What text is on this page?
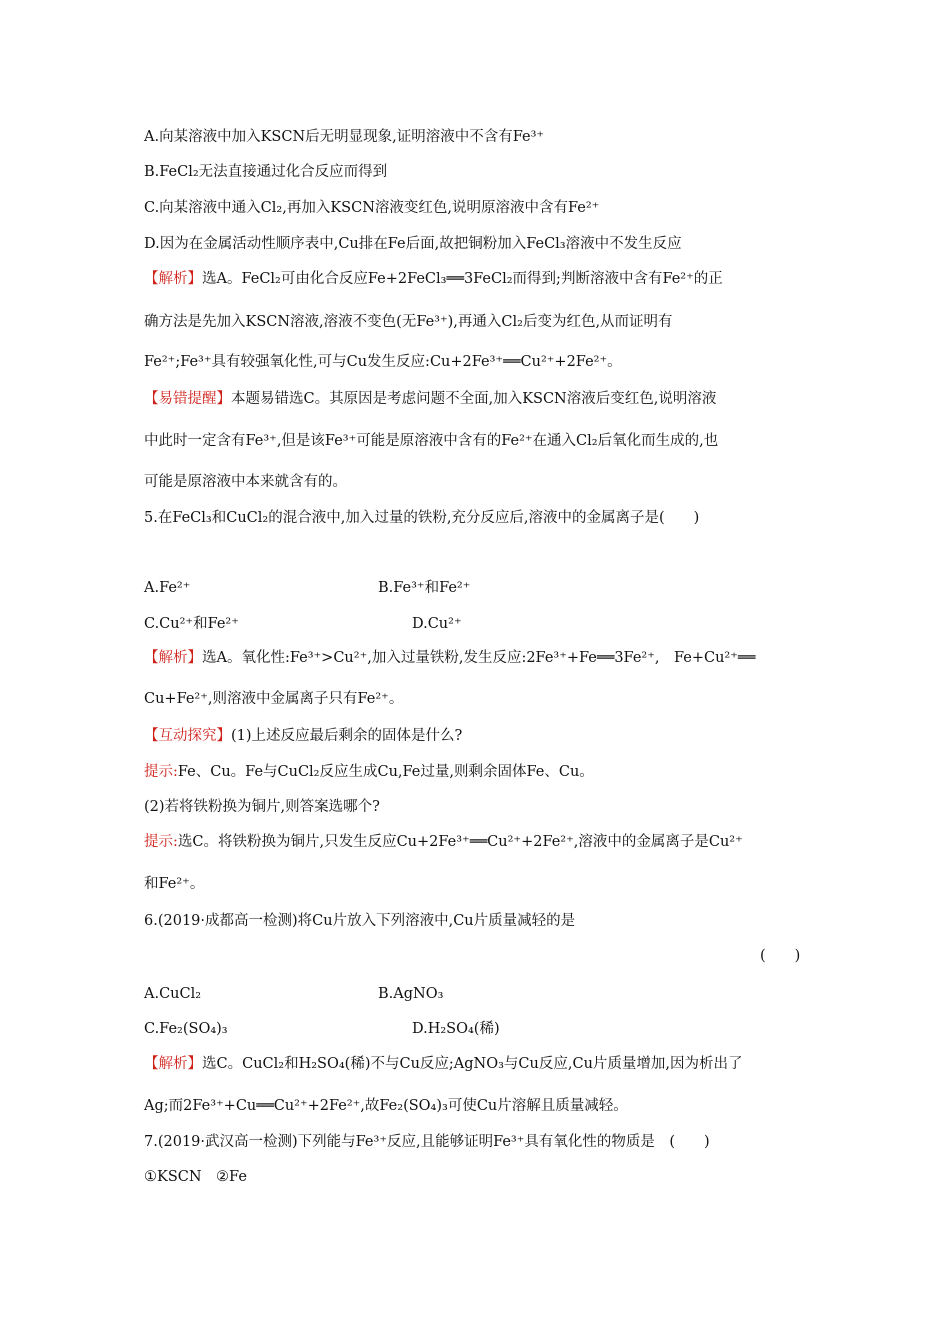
A.向某溶液中加入KSCN后无明显现象,证明溶液中不含有Fe³⁺
B.FeCl₂无法直接通过化合反应而得到
C.向某溶液中通入Cl₂,再加入KSCN溶液变红色,说明原溶液中含有Fe²⁺
D.因为在金属活动性顺序表中,Cu排在Fe后面,故把铜粉加入FeCl₃溶液中不发生反应
【解析】选A。FeCl₂可由化合反应Fe+2FeCl₃══3FeCl₂而得到;判断溶液中含有Fe²⁺的正
确方法是先加入KSCN溶液,溶液不变色(无Fe³⁺),再通入Cl₂后变为红色,从而证明有
Fe²⁺;Fe³⁺具有较强氧化性,可与Cu发生反应:Cu+2Fe³⁺══Cu²⁺+2Fe²⁺。
【易错提醒】本题易错选C。其原因是考虑问题不全面,加入KSCN溶液后变红色,说明溶液
中此时一定含有Fe³⁺,但是该Fe³⁺可能是原溶液中含有的Fe²⁺在通入Cl₂后氧化而生成的,也
可能是原溶液中本来就含有的。
5.在FeCl₃和CuCl₂的混合液中,加入过量的铁粉,充分反应后,溶液中的金属离子是(　　)
A.Fe²⁺	B.Fe³⁺和Fe²⁺
C.Cu²⁺和Fe²⁺	D.Cu²⁺
【解析】选A。氧化性:Fe³⁺>Cu²⁺,加入过量铁粉,发生反应:2Fe³⁺+Fe══3Fe²⁺,　Fe+Cu²⁺══
Cu+Fe²⁺,则溶液中金属离子只有Fe²⁺。
【互动探究】(1)上述反应最后剩余的固体是什么?
提示:Fe、Cu。Fe与CuCl₂反应生成Cu,Fe过量,则剩余固体Fe、Cu。
(2)若将铁粉换为铜片,则答案选哪个?
提示:选C。将铁粉换为铜片,只发生反应Cu+2Fe³⁺══Cu²⁺+2Fe²⁺,溶液中的金属离子是Cu²⁺
和Fe²⁺。
6.(2019·成都高一检测)将Cu片放入下列溶液中,Cu片质量减轻的是
(　　)
A.CuCl₂	B.AgNO₃
C.Fe₂(SO₄)₃	D.H₂SO₄(稀)
【解析】选C。CuCl₂和H₂SO₄(稀)不与Cu反应;AgNO₃与Cu反应,Cu片质量增加,因为析出了
Ag;而2Fe³⁺+Cu══Cu²⁺+2Fe²⁺,故Fe₂(SO₄)₃可使Cu片溶解且质量减轻。
7.(2019·武汉高一检测)下列能与Fe³⁺反应,且能够证明Fe³⁺具有氧化性的物质是　(　　)
①KSCN　②Fe
